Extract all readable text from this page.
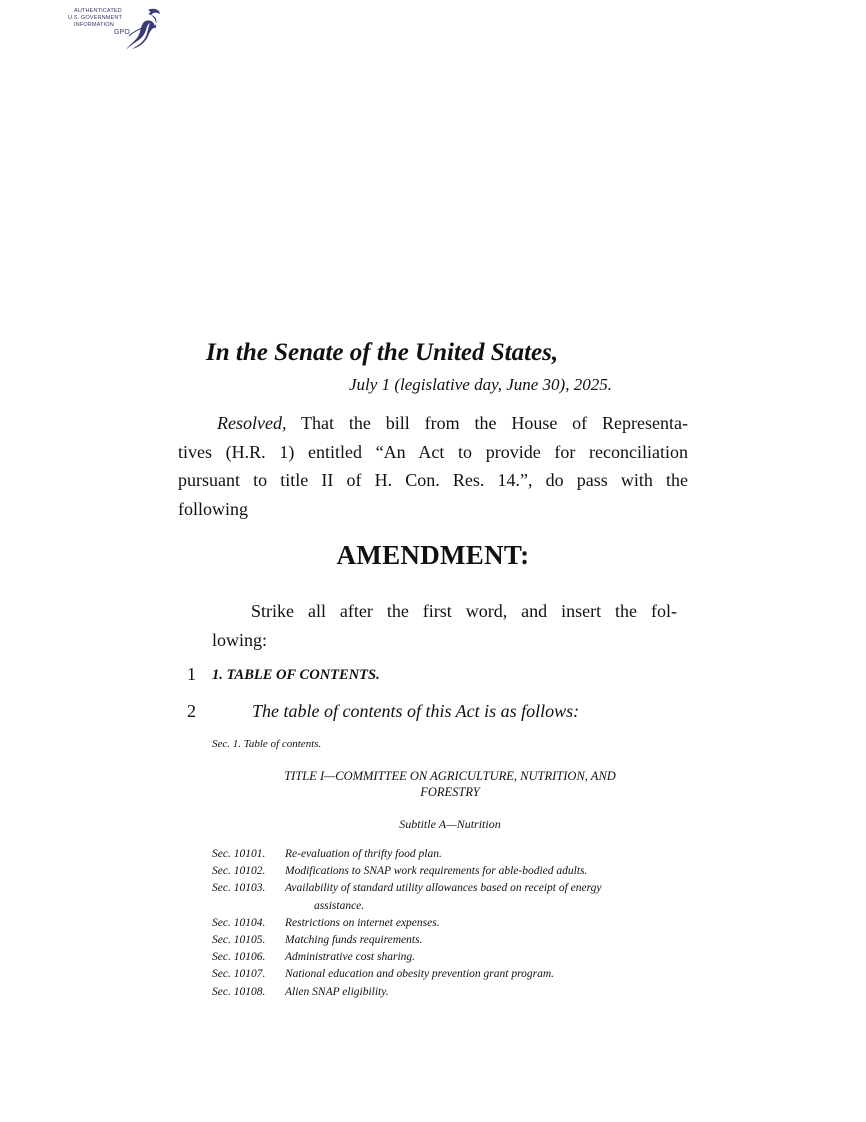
AUTHENTICATED
U.S. GOVERNMENT
INFORMATION
GPO
In the Senate of the United States,
July 1 (legislative day, June 30), 2025.
Resolved, That the bill from the House of Representa-
tives (H.R. 1) entitled “An Act to provide for reconciliation
pursuant to title II of H. Con. Res. 14.”, do pass with the
following
AMENDMENT:
Strike all after the first word, and insert the fol-
lowing:
1 1. TABLE OF CONTENTS.
2	The table of contents of this Act is as follows:
Sec. 1. Table of contents.
TITLE I—COMMITTEE ON AGRICULTURE, NUTRITION, AND
FORESTRY
Subtitle A—Nutrition
Sec. 10101.	Re-evaluation of thrifty food plan.
Sec. 10102.	Modifications to SNAP work requirements for able-bodied adults.
Sec. 10103.	Availability of standard utility allowances based on receipt of energy
assistance.
Sec. 10104.	Restrictions on internet expenses.
Sec. 10105.	Matching funds requirements.
Sec. 10106.	Administrative cost sharing.
Sec. 10107.	National education and obesity prevention grant program.
Sec. 10108.	Alien SNAP eligibility.
